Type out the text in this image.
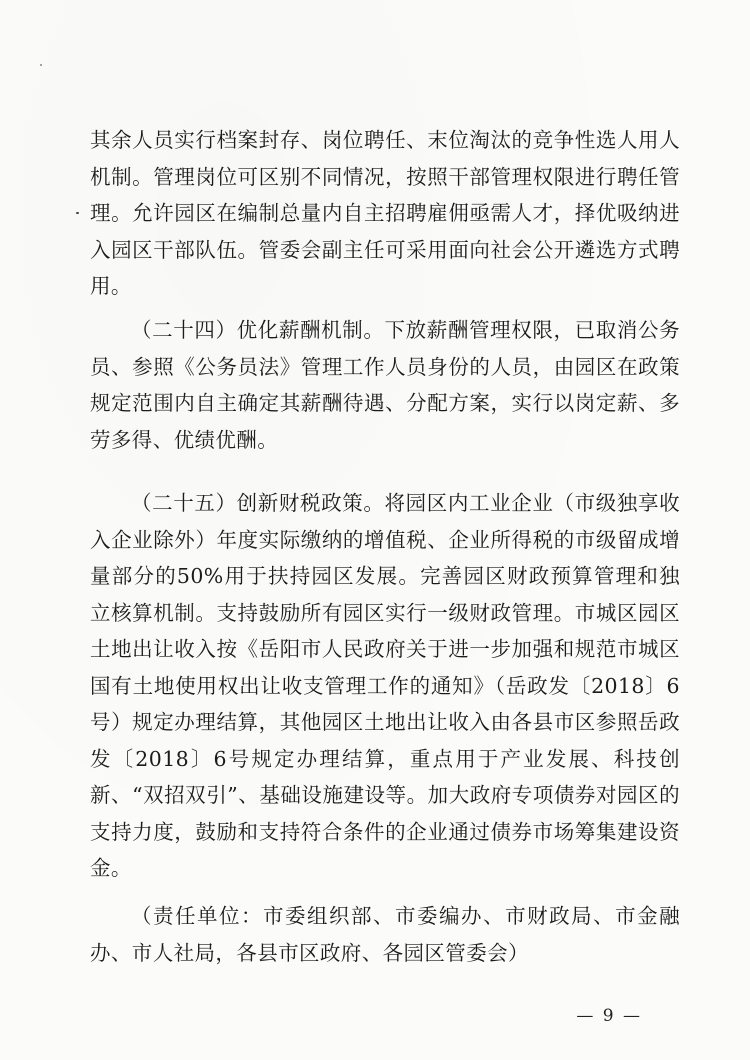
其余人员实行档案封存、岗位聘任、末位淘汰的竞争性选人用人机制。管理岗位可区别不同情况，按照干部管理权限进行聘任管理。允许园区在编制总量内自主招聘雇佣亟需人才，择优吸纳进入园区干部队伍。管委会副主任可采用面向社会公开遴选方式聘用。

（二十四）优化薪酬机制。下放薪酬管理权限，已取消公务员、参照《公务员法》管理工作人员身份的人员，由园区在政策规定范围内自主确定其薪酬待遇、分配方案，实行以岗定薪、多劳多得、优绩优酬。

（二十五）创新财税政策。将园区内工业企业（市级独享收入企业除外）年度实际缴纳的增值税、企业所得税的市级留成增量部分的50%用于扶持园区发展。完善园区财政预算管理和独立核算机制。支持鼓励所有园区实行一级财政管理。市城区园区土地出让收入按《岳阳市人民政府关于进一步加强和规范市城区国有土地使用权出让收支管理工作的通知》（岳政发〔2018〕6号）规定办理结算，其他园区土地出让收入由各县市区参照岳政发〔2018〕6号规定办理结算，重点用于产业发展、科技创新、“双招双引”、基础设施建设等。加大政府专项债券对园区的支持力度，鼓励和支持符合条件的企业通过债券市场筹集建设资金。

（责任单位：市委组织部、市委编办、市财政局、市金融办、市人社局，各县市区政府、各园区管委会）

— 9 —
